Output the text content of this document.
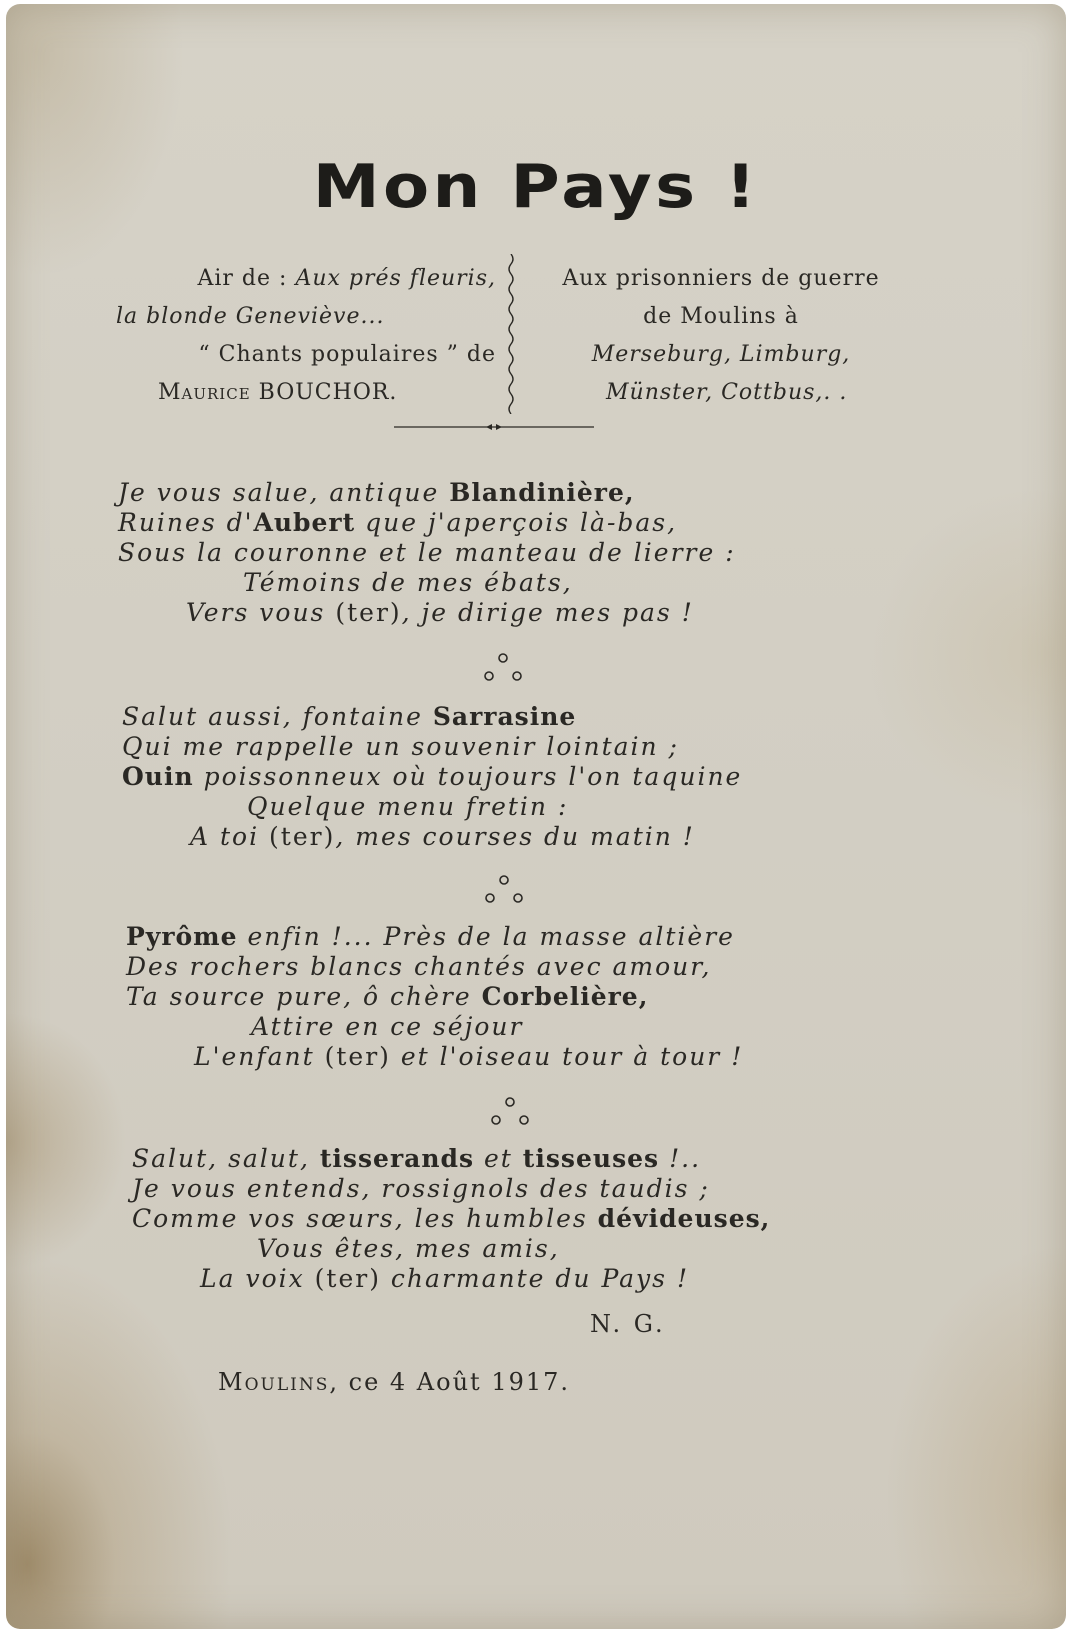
Mon Pays !
Air de : Aux prés fleuris,
la blonde Geneviève...
“ Chants populaires ” de
Maurice BOUCHOR.
Aux prisonniers de guerre
de Moulins à
Merseburg, Limburg,
Münster, Cottbus,. .
Je vous salue, antique Blandinière,
Ruines d'Aubert que j'aperçois là-bas,
Sous la couronne et le manteau de lierre :
Témoins de mes ébats,
Vers vous (ter), je dirige mes pas !
Salut aussi, fontaine Sarrasine
Qui me rappelle un souvenir lointain ;
Ouin poissonneux où toujours l'on taquine
Quelque menu fretin :
A toi (ter), mes courses du matin !
Pyrôme enfin !... Près de la masse altière
Des rochers blancs chantés avec amour,
Ta source pure, ô chère Corbelière,
Attire en ce séjour
L'enfant (ter) et l'oiseau tour à tour !
Salut, salut, tisserands et tisseuses !..
Je vous entends, rossignols des taudis ;
Comme vos sœurs, les humbles dévideuses,
Vous êtes, mes amis,
La voix (ter) charmante du Pays !
N. G.
Moulins, ce 4 Août 1917.
